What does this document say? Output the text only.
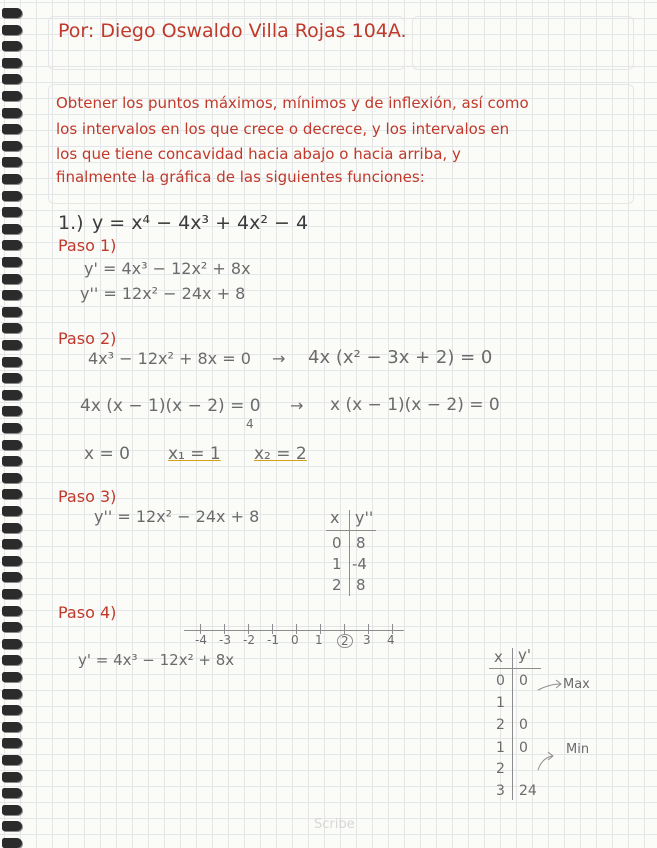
Por: Diego Oswaldo Villa Rojas 104A.
Obtener los puntos máximos, mínimos y de inflexión, así como
los intervalos en los que crece o decrece, y los intervalos en
los que tiene concavidad hacia abajo o hacia arriba, y
finalmente la gráfica de las siguientes funciones:
1.) y = x⁴ − 4x³ + 4x² − 4
Paso 1)
y' = 4x³ − 12x² + 8x
y'' = 12x² − 24x + 8
Paso 2)
4x³ − 12x² + 8x = 0 → 4x (x² − 3x + 2) = 0
4x (x − 1)(x − 2) = 0 → x (x − 1)(x − 2) = 0
4
x = 0 x₁ = 1 x₂ = 2
Paso 3)
y'' = 12x² − 24x + 8	x y''
0 8
1 -4
2 8
Paso 4)
-4 -3 -2 -1 0 1	2	3 4
y' = 4x³ − 12x² + 8x	x y'
0 0
1
2 0
1 0
2
3 24
Max
Min
Scribe
